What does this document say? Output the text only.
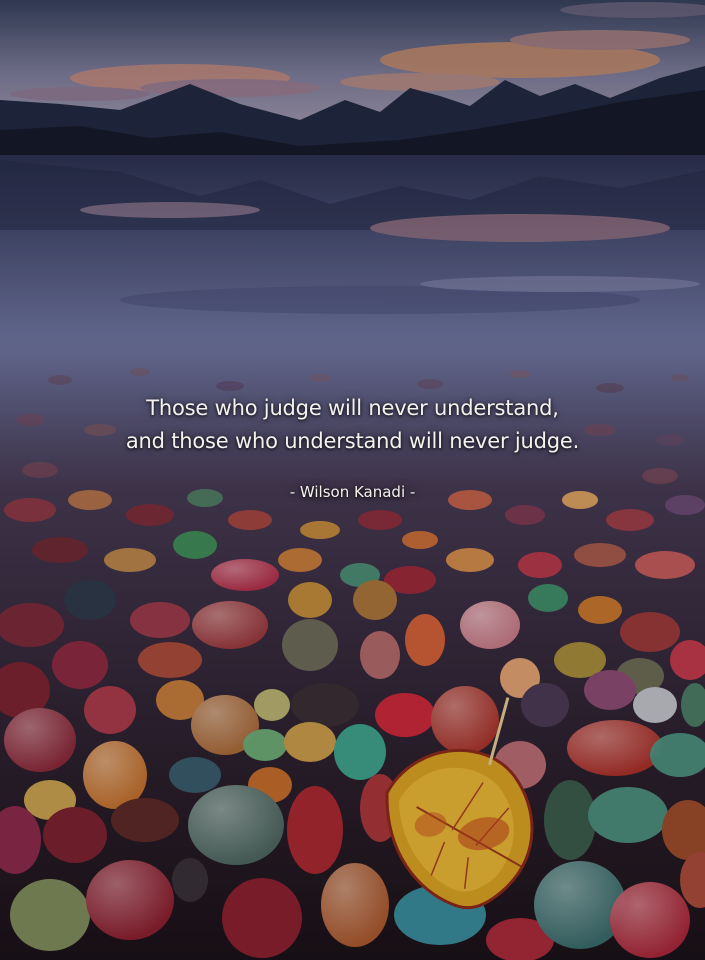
Those who judge will never understand,
and those who understand will never judge.
- Wilson Kanadi -
